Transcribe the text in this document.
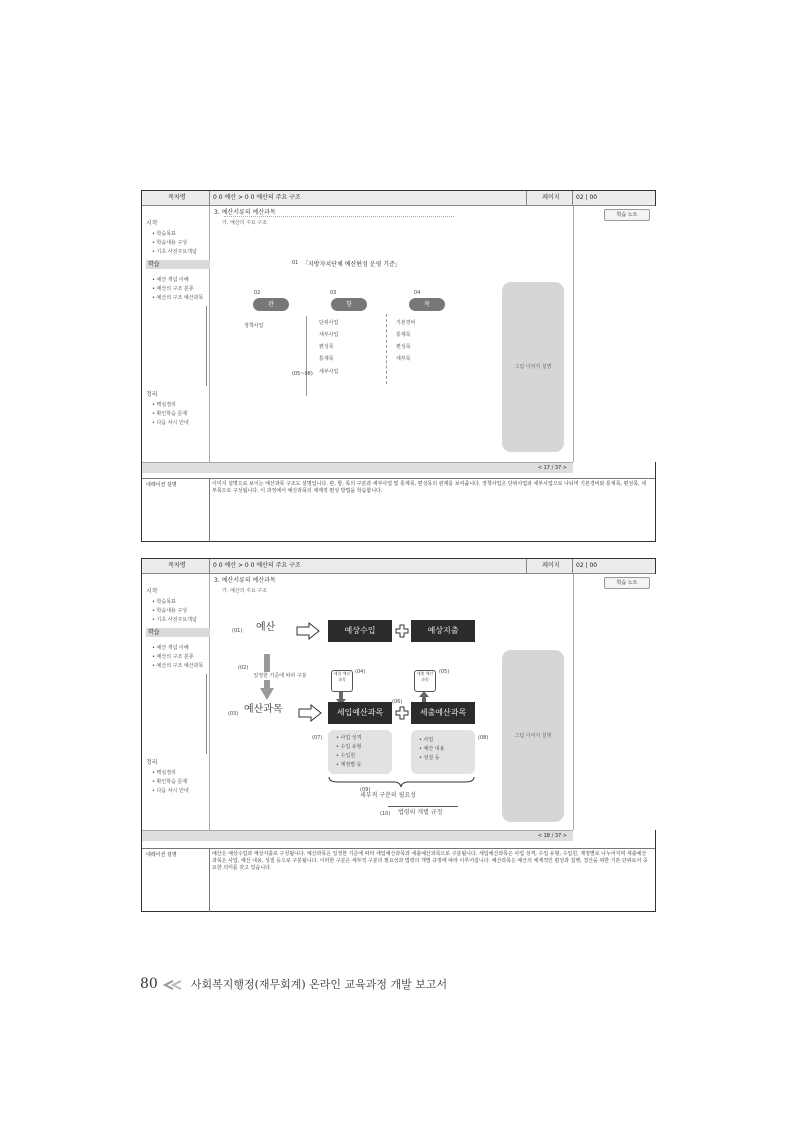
목차명	0 0 예산 > 0 0 예산의 주요 구조	페이지	02 | 00
시작
• 학습목표
• 학습내용 구성
• 기초 사전주요개념
학습
• 예산 개념 이해
• 예산의 구조 분류
• 예산의 구조 예산과목
정리
• 핵심정리
• 확인학습 문제
• 다음 차시 안내
3. 예산서류의 예산과목
가. 예산의 주요 구조
01 「지방자치단체 예산편성 운영 기준」
02	03	04
관	항	목
정책사업	단위사업
세부사업
편성목
통계목
세부사업
(05~08)
기본경비
통계목
편성목
세부목
그림 이미지 설명
학습 노트
< 17 / 37 >
내레이션 설명	이미지 설명으로 보이는 예산과목 구조도 설명입니다. 관, 항, 목의 구분과 세부사업 및 통계목, 편성목의 관계를 보여줍니다. 정책사업은 단위사업과 세부사업으로 나뉘며 기본경비와 통계목, 편성목, 세부목으로 구성됩니다. 이 과정에서 예산과목의 체계적 편성 방법을 학습합니다.
목차명	0 0 예산 > 0 0 예산의 주요 구조	페이지	02 | 00
시작
• 학습목표
• 학습내용 구성
• 기초 사전주요개념
학습
• 예산 개념 이해
• 예산의 구조 분류
• 예산의 구조 예산과목
정리
• 핵심정리
• 확인학습 문제
• 다음 차시 안내
3. 예산서류의 예산과목
가. 예산의 주요 구조
(01) 예산	예상수입	예상지출
(02)
일정한 기준에 따라 구분	세입 예산 과목
(04)	세출 예산 과목
(05)
(03) 예산과목	세입예산과목
(06)
세출예산과목
(07)	• 사업 성격
• 수입 유형
• 수입원
• 계정별 등
• 사업
• 예산 내용
• 성질 등
(08)
(09)
세부적 구분의 필요성
(10) 법령의 개별 규정
그림 이미지 설명
학습 노트
< 18 / 37 >
내레이션 설명	예산은 예상수입과 예상지출로 구성됩니다. 예산과목은 일정한 기준에 따라 세입예산과목과 세출예산과목으로 구분됩니다. 세입예산과목은 사업 성격, 수입 유형, 수입원, 계정별로 나누어지며 세출예산과목은 사업, 예산 내용, 성질 등으로 구분됩니다. 이러한 구분은 세부적 구분의 필요성과 법령의 개별 규정에 따라 이루어집니다. 예산과목은 예산의 체계적인 편성과 집행, 결산을 위한 기본 단위로서 중요한 의미를 갖고 있습니다.
80	사회복지행정(재무회계) 온라인 교육과정 개발 보고서
